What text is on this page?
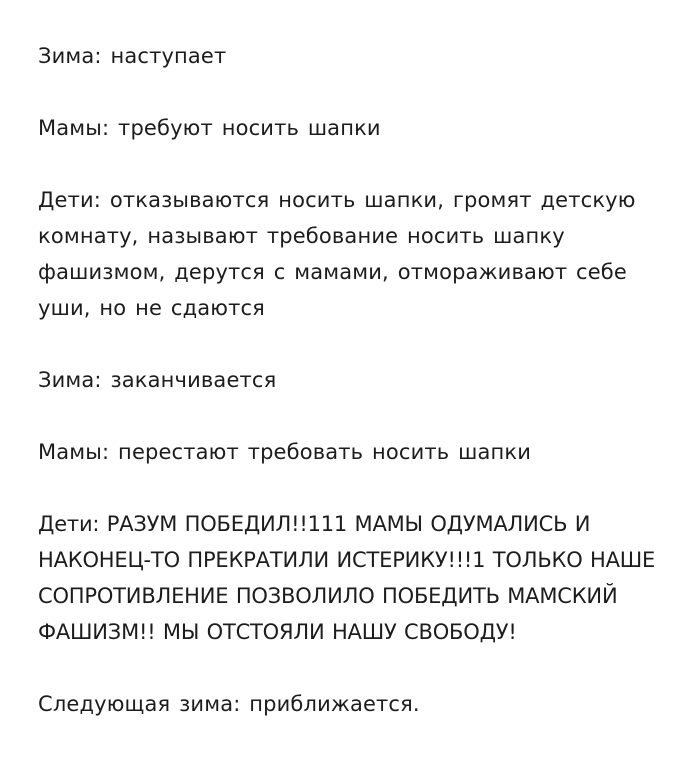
Зима: наступает

Мамы: требуют носить шапки

Дети: отказываются носить шапки, громят детскую комнату, называют требование носить шапку фашизмом, дерутся с мамами, отмораживают себе уши, но не сдаются

Зима: заканчивается

Мамы: перестают требовать носить шапки

Дети: РАЗУМ ПОБЕДИЛ!!111 МАМЫ ОДУМАЛИСЬ И НАКОНЕЦ-ТО ПРЕКРАТИЛИ ИСТЕРИКУ!!!1 ТОЛЬКО НАШЕ СОПРОТИВЛЕНИЕ ПОЗВОЛИЛО ПОБЕДИТЬ МАМСКИЙ ФАШИЗМ!! МЫ ОТСТОЯЛИ НАШУ СВОБОДУ!

Следующая зима: приближается.
